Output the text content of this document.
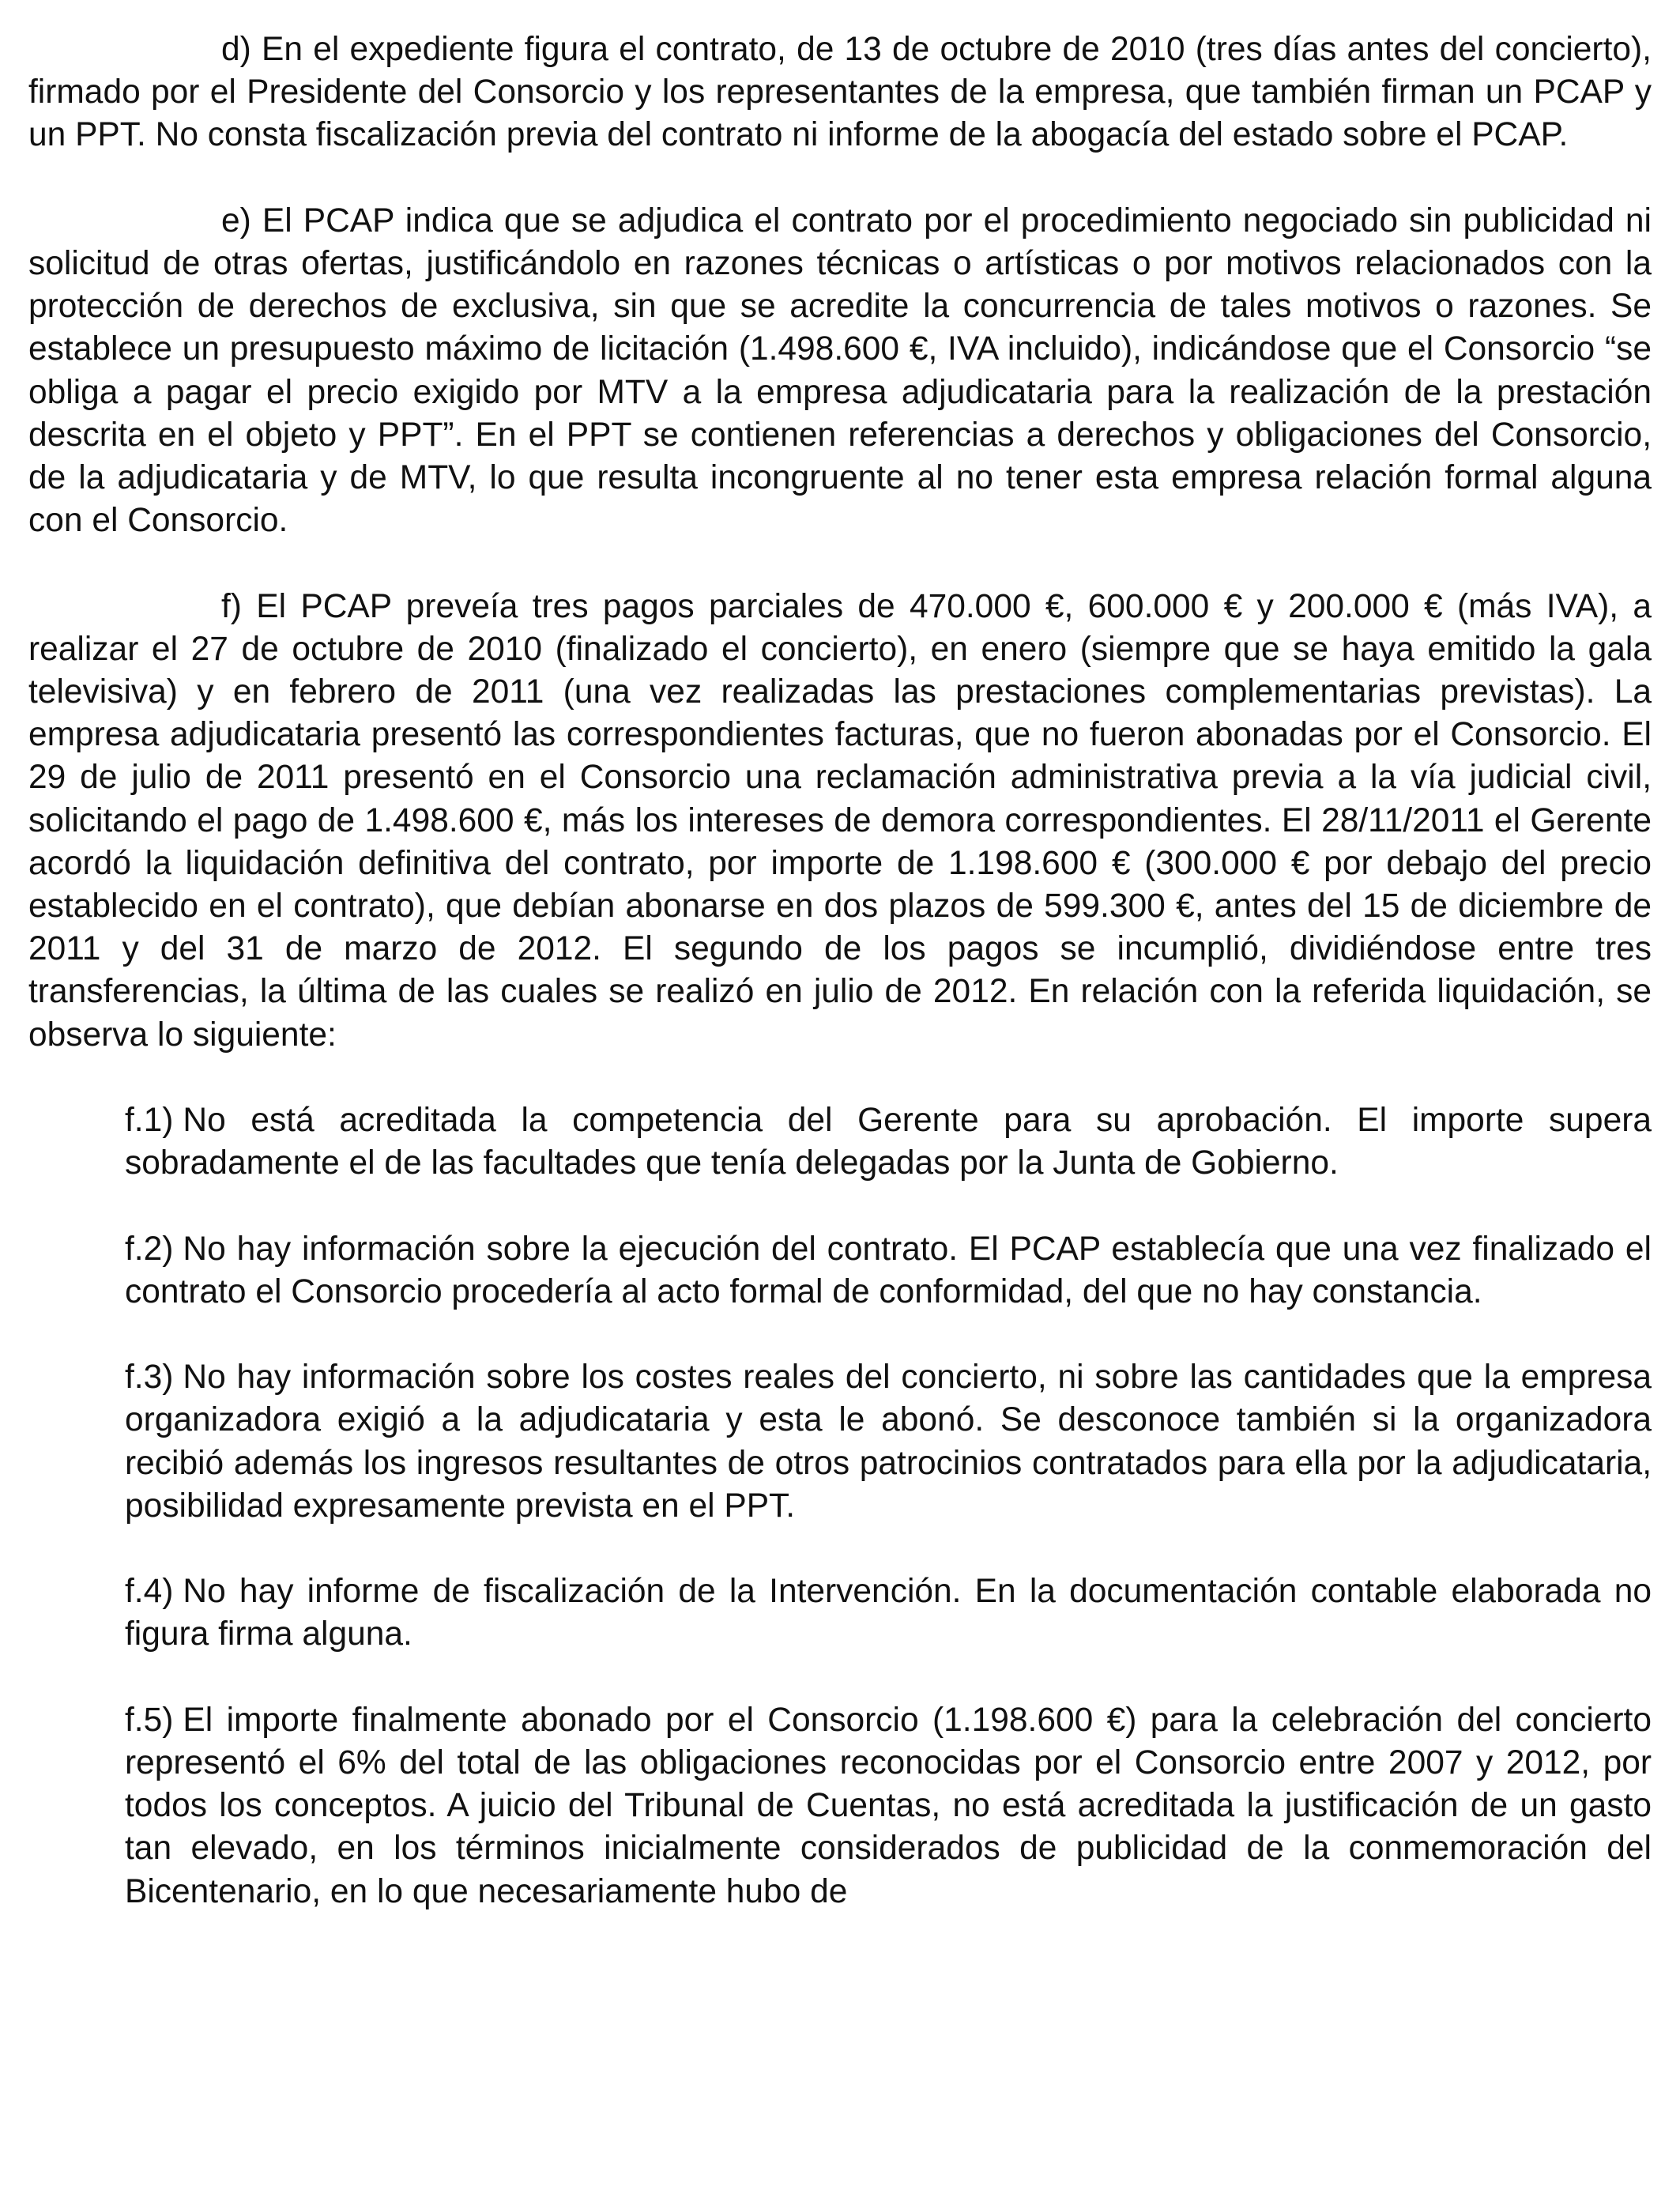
d) En el expediente figura el contrato, de 13 de octubre de 2010 (tres días antes del concierto), firmado por el Presidente del Consorcio y los representantes de la empresa, que también firman un PCAP y un PPT. No consta fiscalización previa del contrato ni informe de la abogacía del estado sobre el PCAP.

e) El PCAP indica que se adjudica el contrato por el procedimiento negociado sin publicidad ni solicitud de otras ofertas, justificándolo en razones técnicas o artísticas o por motivos relacionados con la protección de derechos de exclusiva, sin que se acredite la concurrencia de tales motivos o razones. Se establece un presupuesto máximo de licitación (1.498.600 €, IVA incluido), indicándose que el Consorcio “se obliga a pagar el precio exigido por MTV a la empresa adjudicataria para la realización de la prestación descrita en el objeto y PPT”. En el PPT se contienen referencias a derechos y obligaciones del Consorcio, de la adjudicataria y de MTV, lo que resulta incongruente al no tener esta empresa relación formal alguna con el Consorcio.

f) El PCAP preveía tres pagos parciales de 470.000 €, 600.000 € y 200.000 € (más IVA), a realizar el 27 de octubre de 2010 (finalizado el concierto), en enero (siempre que se haya emitido la gala televisiva) y en febrero de 2011 (una vez realizadas las prestaciones complementarias previstas). La empresa adjudicataria presentó las correspondientes facturas, que no fueron abonadas por el Consorcio. El 29 de julio de 2011 presentó en el Consorcio una reclamación administrativa previa a la vía judicial civil, solicitando el pago de 1.498.600 €, más los intereses de demora correspondientes. El 28/11/2011 el Gerente acordó la liquidación definitiva del contrato, por importe de 1.198.600 € (300.000 € por debajo del precio establecido en el contrato), que debían abonarse en dos plazos de 599.300 €, antes del 15 de diciembre de 2011 y del 31 de marzo de 2012. El segundo de los pagos se incumplió, dividiéndose entre tres transferencias, la última de las cuales se realizó en julio de 2012. En relación con la referida liquidación, se observa lo siguiente:

f.1) No está acreditada la competencia del Gerente para su aprobación. El importe supera sobradamente el de las facultades que tenía delegadas por la Junta de Gobierno.

f.2) No hay información sobre la ejecución del contrato. El PCAP establecía que una vez finalizado el contrato el Consorcio procedería al acto formal de conformidad, del que no hay constancia.

f.3) No hay información sobre los costes reales del concierto, ni sobre las cantidades que la empresa organizadora exigió a la adjudicataria y esta le abonó. Se desconoce también si la organizadora recibió además los ingresos resultantes de otros patrocinios contratados para ella por la adjudicataria, posibilidad expresamente prevista en el PPT.

f.4) No hay informe de fiscalización de la Intervención. En la documentación contable elaborada no figura firma alguna.

f.5) El importe finalmente abonado por el Consorcio (1.198.600 €) para la celebración del concierto representó el 6% del total de las obligaciones reconocidas por el Consorcio entre 2007 y 2012, por todos los conceptos. A juicio del Tribunal de Cuentas, no está acreditada la justificación de un gasto tan elevado, en los términos inicialmente considerados de publicidad de la conmemoración del Bicentenario, en lo que necesariamente hubo de
